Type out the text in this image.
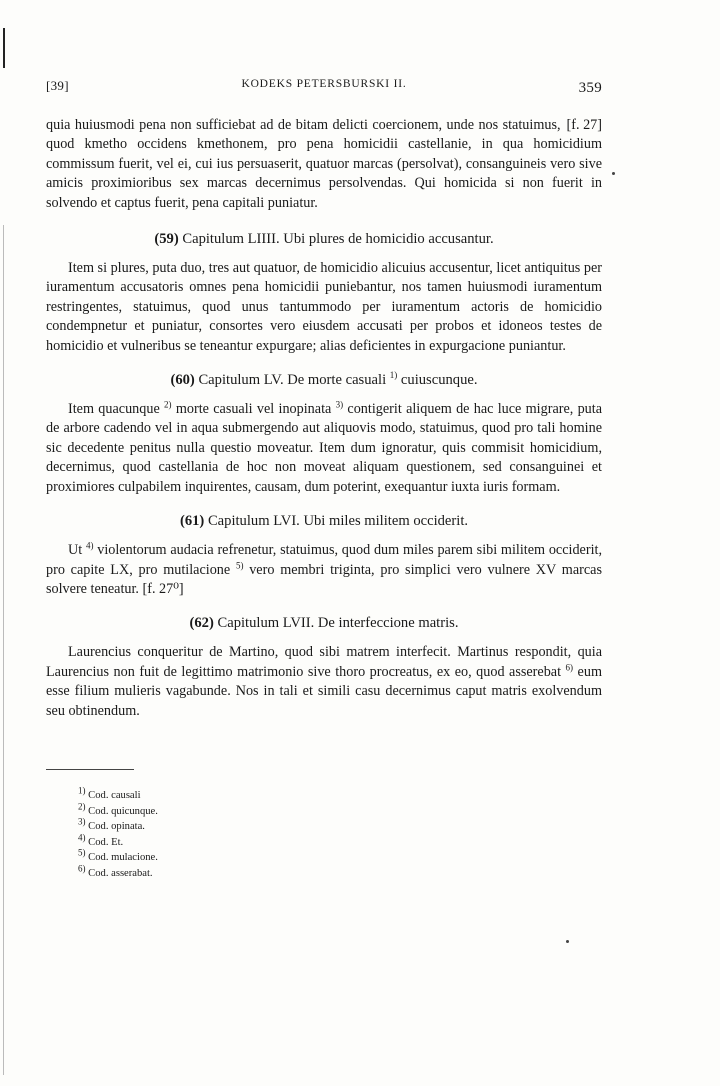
[39]	KODEKS PETERSBURSKI II.	359

[f. 27]
quia huiusmodi pena non sufficiebat ad de bitam delicti coercionem, unde nos statuimus, quod kmetho occidens kmethonem, pro pena homicidii castellanie, in qua homicidium commissum fuerit, vel ei, cui ius persuaserit, quatuor marcas (persolvat), consanguineis vero sive amicis proximioribus sex marcas decernimus persolvendas. Qui homicida si non fuerit in solvendo et captus fuerit, pena capitali puniatur.

(59) Capitulum LIIII. Ubi plures de homicidio accusantur.

Item si plures, puta duo, tres aut quatuor, de homicidio alicuius accusentur, licet antiquitus per iuramentum accusatoris omnes pena homicidii puniebantur, nos tamen huiusmodi iuramentum restringentes, statuimus, quod unus tantummodo per iuramentum actoris de homicidio condempnetur et puniatur, consortes vero eiusdem accusati per probos et idoneos testes de homicidio et vulneribus se teneantur expurgare; alias deficientes in expurgacione puniantur.

(60) Capitulum LV. De morte casuali $^{1)}$ cuiuscunque.

Item quacunque $^{2)}$ morte casuali vel inopinata $^{3)}$ contigerit aliquem de hac luce migrare, puta de arbore cadendo vel in aqua submergendo aut aliquovis modo, statuimus, quod pro tali homine sic decedente penitus nulla questio moveatur. Item dum ignoratur, quis commisit homicidium, decernimus, quod castellania de hoc non moveat aliquam questionem, sed consanguinei et proximiores culpabilem inquirentes, causam, dum poterint, exequantur iuxta iuris formam.

(61) Capitulum LVI. Ubi miles militem occiderit.

Ut $^{4)}$ violentorum audacia refrenetur, statuimus, quod dum miles parem sibi militem occiderit, pro capite LX, pro mutilacione $^{5)}$ vero membri triginta, pro simplici vero vulnere XV marcas solvere teneatur. [f. 27⁰]

(62) Capitulum LVII. De interfeccione matris.

Laurencius conqueritur de Martino, quod sibi matrem interfecit. Martinus respondit, quia Laurencius non fuit de legittimo matrimonio sive thoro procreatus, ex eo, quod asserebat $^{6)}$ eum esse filium mulieris vagabunde. Nos in tali et simili casu decernimus caput matris exolvendum seu obtinendum.

$^{1)}$ Cod. causali
$^{2)}$ Cod. quicunque.
$^{3)}$ Cod. opinata.
$^{4)}$ Cod. Et.
$^{5)}$ Cod. mulacione.
$^{6)}$ Cod. asserabat.
